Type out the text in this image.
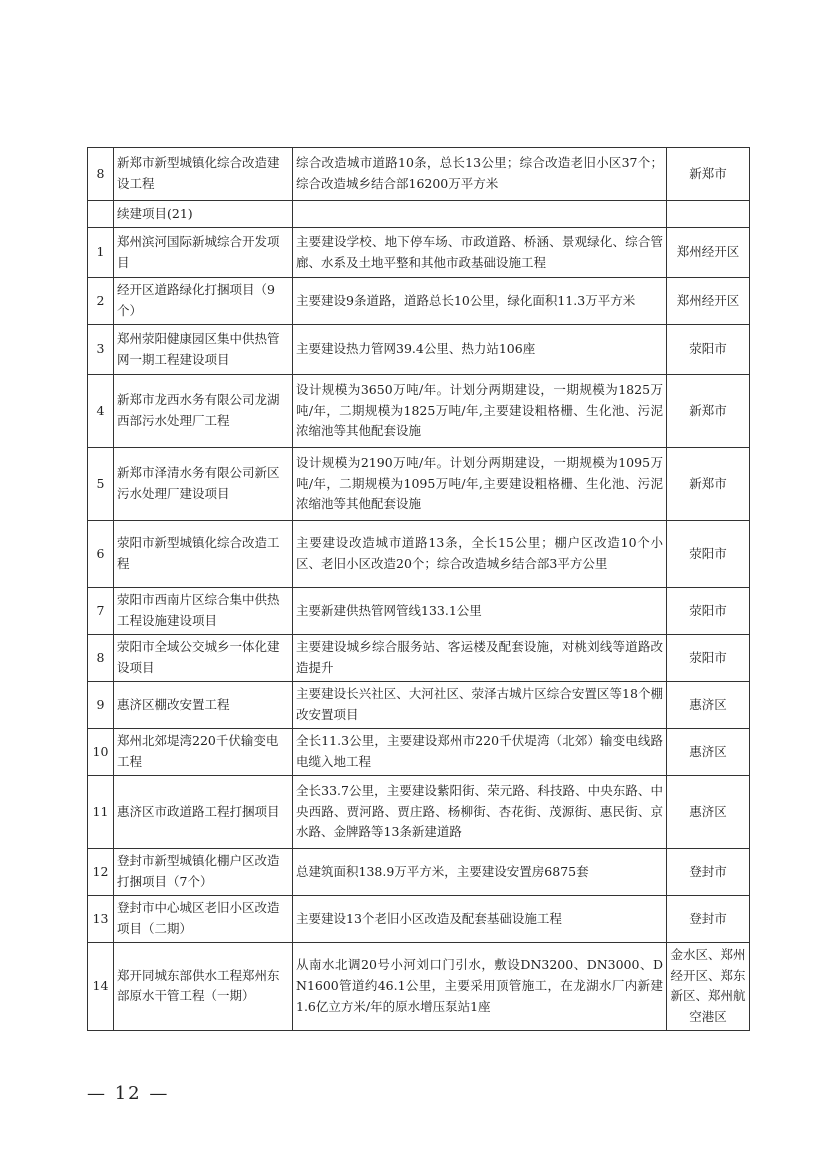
8	新郑市新型城镇化综合改造建设工程	综合改造城市道路10条，总长13公里；综合改造老旧小区37个；综合改造城乡结合部16200万平方米	新郑市
	续建项目(21)		
1	郑州滨河国际新城综合开发项目	主要建设学校、地下停车场、市政道路、桥涵、景观绿化、综合管廊、水系及土地平整和其他市政基础设施工程	郑州经开区
2	经开区道路绿化打捆项目（9个）	主要建设9条道路，道路总长10公里，绿化面积11.3万平方米	郑州经开区
3	郑州荥阳健康园区集中供热管网一期工程建设项目	主要建设热力管网39.4公里、热力站106座	荥阳市
4	新郑市龙西水务有限公司龙湖西部污水处理厂工程	设计规模为3650万吨/年。计划分两期建设，一期规模为1825万吨/年，二期规模为1825万吨/年,主要建设粗格栅、生化池、污泥浓缩池等其他配套设施	新郑市
5	新郑市泽清水务有限公司新区污水处理厂建设项目	设计规模为2190万吨/年。计划分两期建设，一期规模为1095万吨/年，二期规模为1095万吨/年,主要建设粗格栅、生化池、污泥浓缩池等其他配套设施	新郑市
6	荥阳市新型城镇化综合改造工程	主要建设改造城市道路13条，全长15公里；棚户区改造10个小区、老旧小区改造20个；综合改造城乡结合部3平方公里	荥阳市
7	荥阳市西南片区综合集中供热工程设施建设项目	主要新建供热管网管线133.1公里	荥阳市
8	荥阳市全域公交城乡一体化建设项目	主要建设城乡综合服务站、客运楼及配套设施，对桃刘线等道路改造提升	荥阳市
9	惠济区棚改安置工程	主要建设长兴社区、大河社区、荥泽古城片区综合安置区等18个棚改安置项目	惠济区
10	郑州北郊堤湾220千伏输变电工程	全长11.3公里，主要建设郑州市220千伏堤湾（北郊）输变电线路电缆入地工程	惠济区
11	惠济区市政道路工程打捆项目	全长33.7公里，主要建设紫阳街、荣元路、科技路、中央东路、中央西路、贾河路、贾庄路、杨柳街、杏花街、茂源街、惠民街、京水路、金牌路等13条新建道路	惠济区
12	登封市新型城镇化棚户区改造打捆项目（7个）	总建筑面积138.9万平方米，主要建设安置房6875套	登封市
13	登封市中心城区老旧小区改造项目（二期）	主要建设13个老旧小区改造及配套基础设施工程	登封市
14	郑开同城东部供水工程郑州东部原水干管工程（一期）	从南水北调20号小河刘口门引水，敷设DN3200、DN3000、DN1600管道约46.1公里，主要采用顶管施工，在龙湖水厂内新建1.6亿立方米/年的原水增压泵站1座	金水区、郑州经开区、郑东新区、郑州航空港区
— 12 —
